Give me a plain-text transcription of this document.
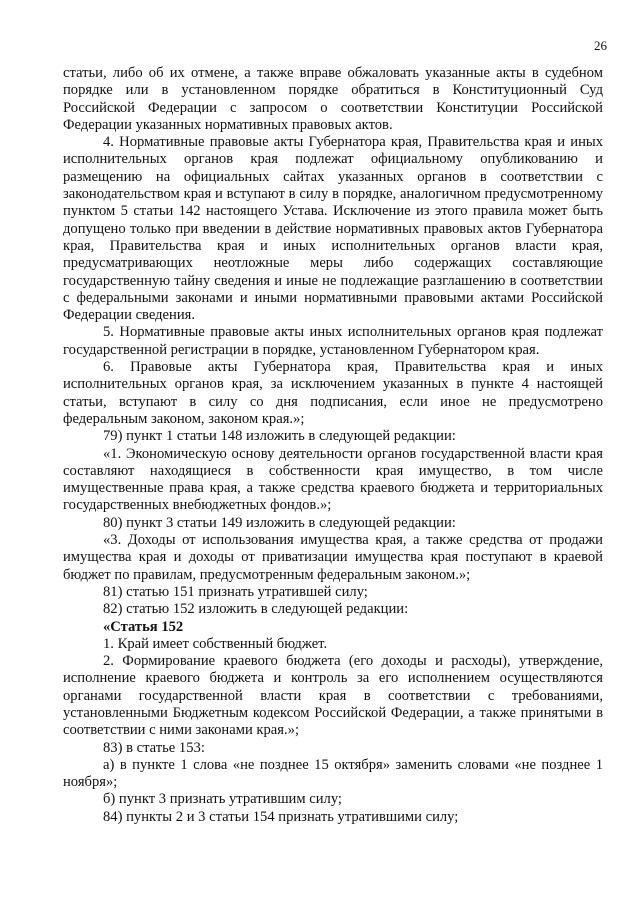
26

статьи, либо об их отмене, а также вправе обжаловать указанные акты в судебном порядке или в установленном порядке обратиться в Конституционный Суд Российской Федерации с запросом о соответствии Конституции Российской Федерации указанных нормативных правовых актов.

4. Нормативные правовые акты Губернатора края, Правительства края и иных исполнительных органов края подлежат официальному опубликованию и размещению на официальных сайтах указанных органов в соответствии с законодательством края и вступают в силу в порядке, аналогичном предусмотренному пунктом 5 статьи 142 настоящего Устава. Исключение из этого правила может быть допущено только при введении в действие нормативных правовых актов Губернатора края, Правительства края и иных исполнительных органов власти края, предусматривающих неотложные меры либо содержащих составляющие государственную тайну сведения и иные не подлежащие разглашению в соответствии с федеральными законами и иными нормативными правовыми актами Российской Федерации сведения.

5. Нормативные правовые акты иных исполнительных органов края подлежат государственной регистрации в порядке, установленном Губернатором края.

6. Правовые акты Губернатора края, Правительства края и иных исполнительных органов края, за исключением указанных в пункте 4 настоящей статьи, вступают в силу со дня подписания, если иное не предусмотрено федеральным законом, законом края.»;

79) пункт 1 статьи 148 изложить в следующей редакции:

«1. Экономическую основу деятельности органов государственной власти края составляют находящиеся в собственности края имущество, в том числе имущественные права края, а также средства краевого бюджета и территориальных государственных внебюджетных фондов.»;

80) пункт 3 статьи 149 изложить в следующей редакции:

«3. Доходы от использования имущества края, а также средства от продажи имущества края и доходы от приватизации имущества края поступают в краевой бюджет по правилам, предусмотренным федеральным законом.»;

81) статью 151 признать утратившей силу;

82) статью 152 изложить в следующей редакции:

«Статья 152

1. Край имеет собственный бюджет.

2. Формирование краевого бюджета (его доходы и расходы), утверждение, исполнение краевого бюджета и контроль за его исполнением осуществляются органами государственной власти края в соответствии с требованиями, установленными Бюджетным кодексом Российской Федерации, а также принятыми в соответствии с ними законами края.»;

83) в статье 153:

а) в пункте 1 слова «не позднее 15 октября» заменить словами «не позднее 1 ноября»;

б) пункт 3 признать утратившим силу;

84) пункты 2 и 3 статьи 154 признать утратившими силу;
